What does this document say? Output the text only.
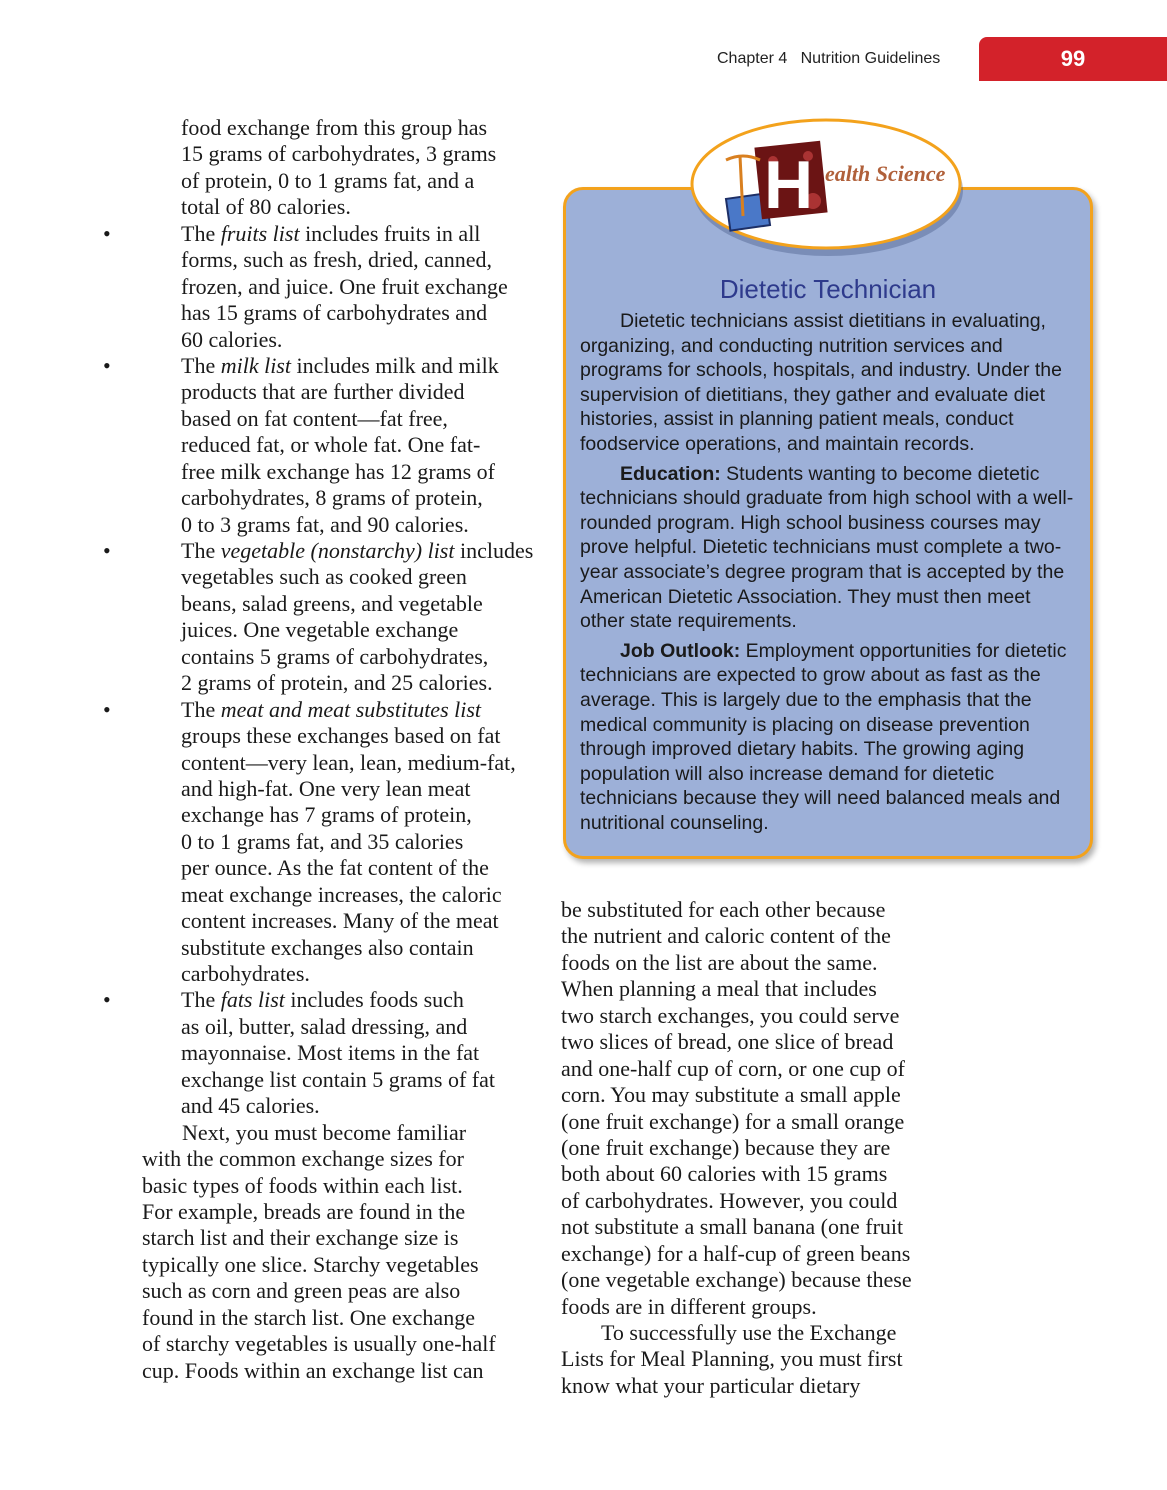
Chapter 4 Nutrition Guidelines	99
food exchange from this group has
15 grams of carbohydrates, 3 grams
of protein, 0 to 1 grams fat, and a
total of 80 calories.
•	The fruits list includes fruits in all
forms, such as fresh, dried, canned,
frozen, and juice. One fruit exchange
has 15 grams of carbohydrates and
60 calories.
•	The milk list includes milk and milk
products that are further divided
based on fat content—fat free,
reduced fat, or whole fat. One fat-
free milk exchange has 12 grams of
carbohydrates, 8 grams of protein,
0 to 3 grams fat, and 90 calories.
•	The vegetable (nonstarchy) list includes
vegetables such as cooked green
beans, salad greens, and vegetable
juices. One vegetable exchange
contains 5 grams of carbohydrates,
2 grams of protein, and 25 calories.
•	The meat and meat substitutes list
groups these exchanges based on fat
content—very lean, lean, medium-fat,
and high-fat. One very lean meat
exchange has 7 grams of protein,
0 to 1 grams fat, and 35 calories
per ounce. As the fat content of the
meat exchange increases, the caloric
content increases. Many of the meat
substitute exchanges also contain
carbohydrates.
•	The fats list includes foods such
as oil, butter, salad dressing, and
mayonnaise. Most items in the fat
exchange list contain 5 grams of fat
and 45 calories.
Next, you must become familiar
with the common exchange sizes for
basic types of foods within each list.
For example, breads are found in the
starch list and their exchange size is
typically one slice. Starchy vegetables
such as corn and green peas are also
found in the starch list. One exchange
of starchy vegetables is usually one-half
cup. Foods within an exchange list can
be substituted for each other because
the nutrient and caloric content of the
foods on the list are about the same.
When planning a meal that includes
two starch exchanges, you could serve
two slices of bread, one slice of bread
and one-half cup of corn, or one cup of
corn. You may substitute a small apple
(one fruit exchange) for a small orange
(one fruit exchange) because they are
both about 60 calories with 15 grams
of carbohydrates. However, you could
not substitute a small banana (one fruit
exchange) for a half-cup of green beans
(one vegetable exchange) because these
foods are in different groups.
To successfully use the Exchange
Lists for Meal Planning, you must first
know what your particular dietary
H ealth Science
Dietetic Technician

Dietetic technicians assist dietitians in evaluating, organizing, and conducting nutrition services and programs for schools, hospitals, and industry. Under the supervision of dietitians, they gather and evaluate diet histories, assist in planning patient meals, conduct foodservice operations, and maintain records.

Education: Students wanting to become dietetic technicians should graduate from high school with a well-rounded program. High school business courses may prove helpful. Dietetic technicians must complete a two-year associate’s degree program that is accepted by the American Dietetic Association. They must then meet other state requirements.

Job Outlook: Employment opportunities for dietetic technicians are expected to grow about as fast as the average. This is largely due to the emphasis that the medical community is placing on disease prevention through improved dietary habits. The growing aging population will also increase demand for dietetic technicians because they will need balanced meals and nutritional counseling.
